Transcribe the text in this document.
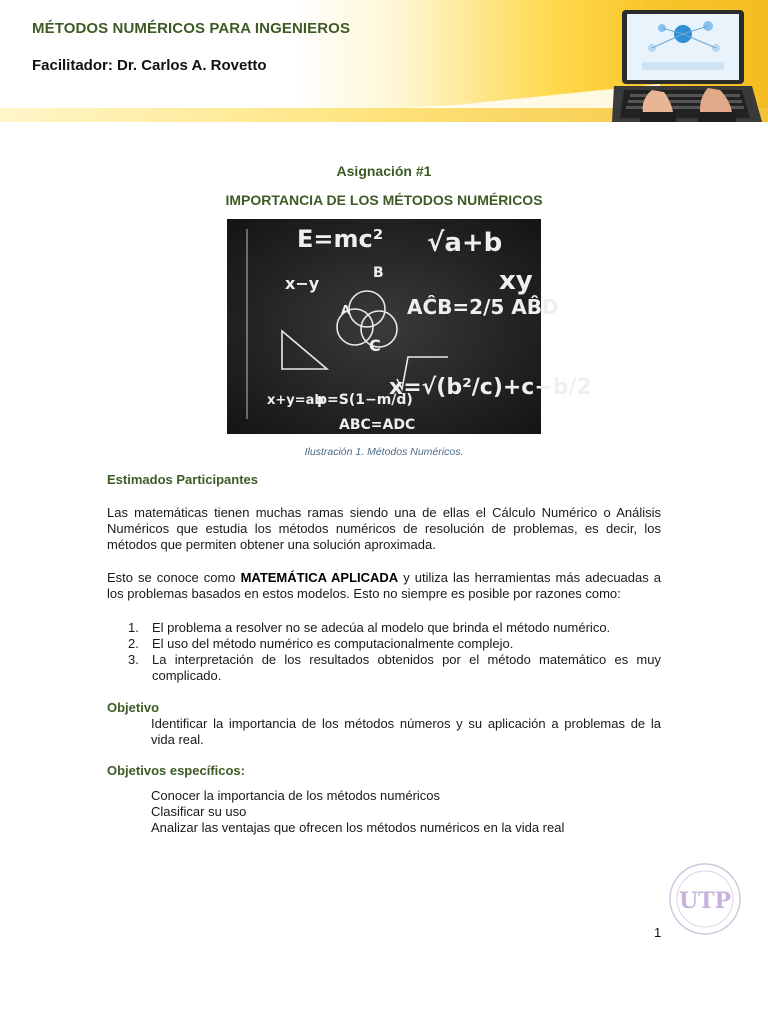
MÉTODOS NUMÉRICOS PARA INGENIEROS
Facilitador: Dr. Carlos A. Rovetto
Asignación #1
IMPORTANCIA DE LOS MÉTODOS NUMÉRICOS
AĈB=2/5 AB̂D
x=√(b²/c)+c−b/2
E=mc² √a+b
xy
A
B
C
p=S(1−m/d)
x+y=ab
x−y
ABC=ADC
Ilustración 1. Métodos Numéricos.
Estimados Participantes
Las matemáticas tienen muchas ramas siendo una de ellas el Cálculo Numérico o Análisis Numéricos que estudia los métodos numéricos de resolución de problemas, es decir, los métodos que permiten obtener una solución aproximada.
Esto se conoce como MATEMÁTICA APLICADA y utiliza las herramientas más adecuadas a los problemas basados en estos modelos. Esto no siempre es posible por razones como:
1. El problema a resolver no se adecúa al modelo que brinda el método numérico.
2. El uso del método numérico es computacionalmente complejo.
3. La interpretación de los resultados obtenidos por el método matemático es muy complicado.
Objetivo
Identificar la importancia de los métodos números y su aplicación a problemas de la vida real.
Objetivos específicos:
Conocer la importancia de los métodos numéricos
Clasificar su uso
Analizar las ventajas que ofrecen los métodos numéricos en la vida real
UTP
1
